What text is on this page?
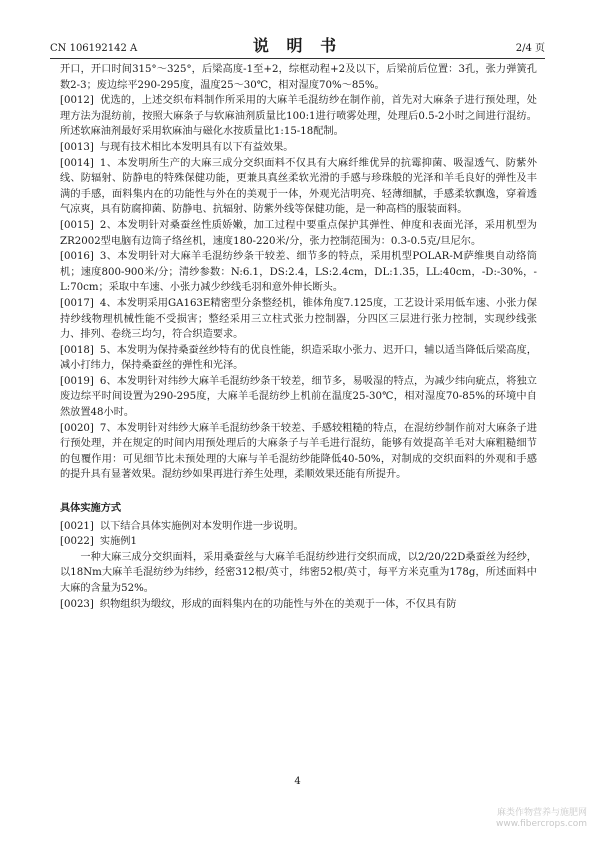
CN 106192142 A	说 明 书	2/4 页

开口，开口时间315°～325°，后梁高度-1至+2，综框动程+2及以下，后梁前后位置：3孔，张力弹簧孔数2-3；废边综平290-295度，温度25～30℃，相对湿度70%～85%。

[0012] 优选的，上述交织布料制作所采用的大麻羊毛混纺纱在制作前，首先对大麻条子进行预处理，处理方法为混纺前，按照大麻条子与软麻油剂质量比100:1进行喷雾处理，处理后0.5-2小时之间进行混纺。所述软麻油剂最好采用软麻油与磁化水按质量比1:15-18配制。

[0013] 与现有技术相比本发明具有以下有益效果。

[0014] 1、本发明所生产的大麻三成分交织面料不仅具有大麻纤维优异的抗霉抑菌、吸湿透气、防紫外线、防辐射、防静电的特殊保健功能，更兼具真丝柔软光滑的手感与珍珠般的光泽和羊毛良好的弹性及丰满的手感，面料集内在的功能性与外在的美观于一体，外观光洁明亮、轻薄细腻，手感柔软飘逸，穿着透气凉爽，具有防腐抑菌、防静电、抗辐射、防紫外线等保健功能，是一种高档的服装面料。

[0015] 2、本发明针对桑蚕丝性质娇嫩，加工过程中要重点保护其弹性、伸度和表面光泽，采用机型为 ZR2002型电脑有边筒子络丝机，速度180-220米/分，张力控制范围为：0.3-0.5克/旦尼尔。

[0016] 3、本发明针对大麻羊毛混纺纱条干较差、细节多的特点，采用机型POLAR-M萨维奥自动络筒机；速度800-900米/分；清纱参数：N:6.1，DS:2.4，LS:2.4cm，DL:1.35，LL:40cm，-D:-30%，-L:70cm；采取中车速、小张力减少纱线毛羽和意外伸长断头。

[0017] 4、本发明采用GA163E精密型分条整经机，锥体角度7.125度，工艺设计采用低车速、小张力保持纱线物理机械性能不受损害；整经采用三立柱式张力控制器，分四区三层进行张力控制，实现纱线张力、排列、卷绕三均匀，符合织造要求。

[0018] 5、本发明为保持桑蚕丝纱特有的优良性能，织造采取小张力、迟开口，辅以适当降低后梁高度，减小打纬力，保持桑蚕丝的弹性和光泽。

[0019] 6、本发明针对纬纱大麻羊毛混纺纱条干较差，细节多，易吸湿的特点，为减少纬向疵点，将独立废边综平时间设置为290-295度，大麻羊毛混纺纱上机前在温度25-30℃，相对湿度70-85%的环境中自然放置48小时。

[0020] 7、本发明针对纬纱大麻羊毛混纺纱条干较差、手感较粗糙的特点，在混纺纱制作前对大麻条子进行预处理，并在规定的时间内用预处理后的大麻条子与羊毛进行混纺，能够有效提高羊毛对大麻粗糙细节的包覆作用：可见细节比未预处理的大麻与羊毛混纺纱能降低40-50%，对制成的交织面料的外观和手感的提升具有显著效果。混纺纱如果再进行养生处理，柔顺效果还能有所提升。

具体实施方式

[0021] 以下结合具体实施例对本发明作进一步说明。

[0022] 实施例1

一种大麻三成分交织面料，采用桑蚕丝与大麻羊毛混纺纱进行交织而成，以2/20/22D桑蚕丝为经纱，以18Nm大麻羊毛混纺纱为纬纱，经密312根/英寸，纬密52根/英寸，每平方米克重为178g，所述面料中大麻的含量为52%。

[0023] 织物组织为缎纹，形成的面料集内在的功能性与外在的美观于一体，不仅具有防

4
麻类作物营养与施肥网
www.fibercrops.com
